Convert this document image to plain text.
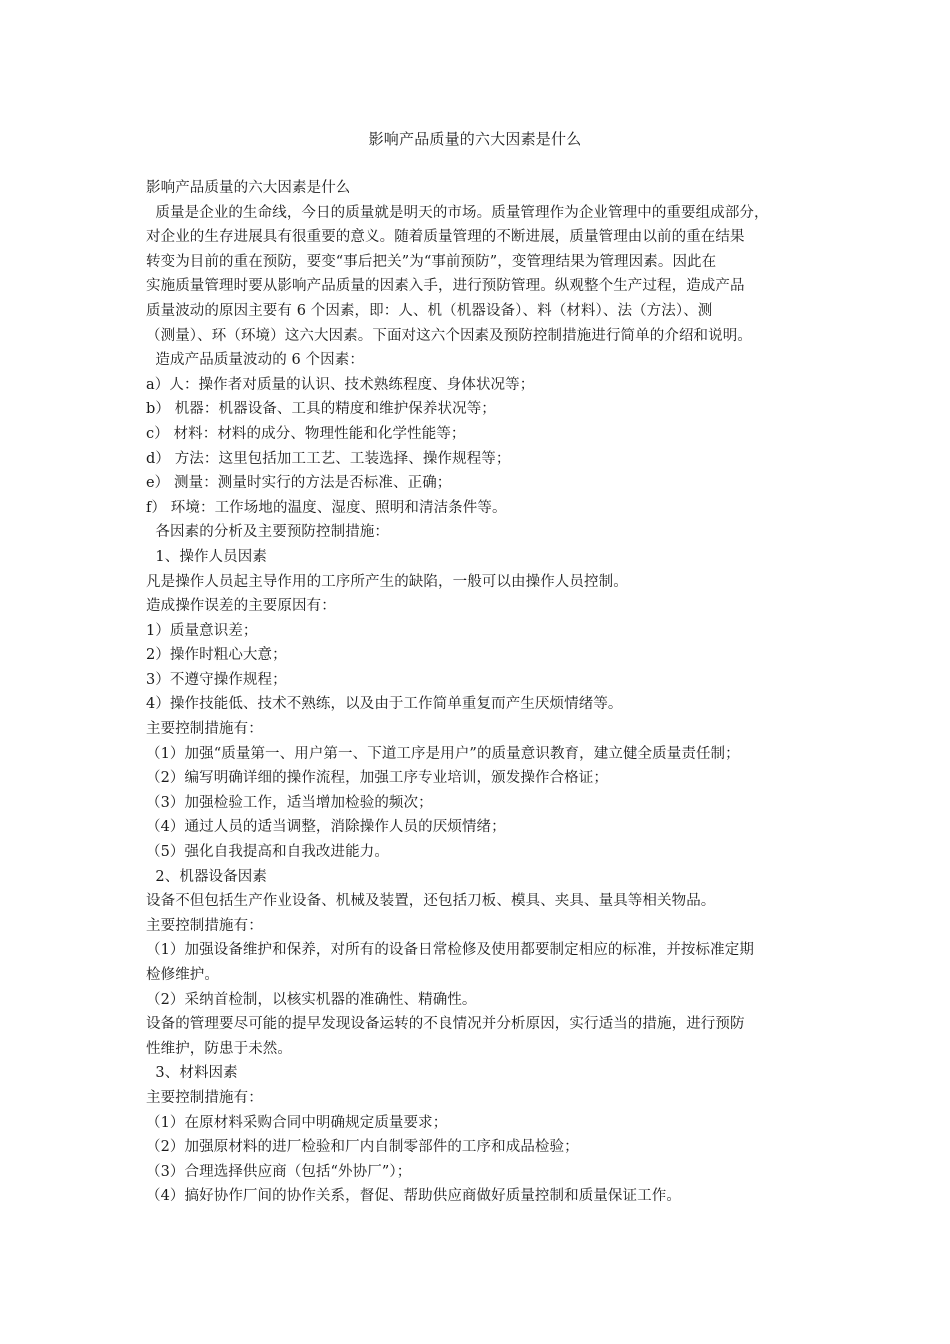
影响产品质量的六大因素是什么
影响产品质量的六大因素是什么
质量是企业的生命线，今日的质量就是明天的市场。质量管理作为企业管理中的重要组成部分，
对企业的生存进展具有很重要的意义。随着质量管理的不断进展，质量管理由以前的重在结果
转变为目前的重在预防，要变“事后把关”为“事前预防”，变管理结果为管理因素。因此在
实施质量管理时要从影响产品质量的因素入手，进行预防管理。纵观整个生产过程，造成产品
质量波动的原因主要有 6 个因素，即：人、机（机器设备）、料（材料）、法（方法）、测
（测量）、环（环境）这六大因素。下面对这六个因素及预防控制措施进行简单的介绍和说明。
造成产品质量波动的 6 个因素：
a）人：操作者对质量的认识、技术熟练程度、身体状况等；
b） 机器：机器设备、工具的精度和维护保养状况等；
c） 材料：材料的成分、物理性能和化学性能等；
d） 方法：这里包括加工工艺、工装选择、操作规程等；
e） 测量：测量时实行的方法是否标准、正确；
f） 环境：工作场地的温度、湿度、照明和清洁条件等。
各因素的分析及主要预防控制措施：
1、操作人员因素
凡是操作人员起主导作用的工序所产生的缺陷，一般可以由操作人员控制。
造成操作误差的主要原因有：
1）质量意识差；
2）操作时粗心大意；
3）不遵守操作规程；
4）操作技能低、技术不熟练，以及由于工作简单重复而产生厌烦情绪等。
主要控制措施有：
（1）加强“质量第一、用户第一、下道工序是用户”的质量意识教育，建立健全质量责任制；
（2）编写明确详细的操作流程，加强工序专业培训，颁发操作合格证；
（3）加强检验工作，适当增加检验的频次；
（4）通过人员的适当调整，消除操作人员的厌烦情绪；
（5）强化自我提高和自我改进能力。
2、机器设备因素
设备不但包括生产作业设备、机械及装置，还包括刀板、模具、夹具、量具等相关物品。
主要控制措施有：
（1）加强设备维护和保养，对所有的设备日常检修及使用都要制定相应的标准，并按标准定期
检修维护。
（2）采纳首检制，以核实机器的准确性、精确性。
设备的管理要尽可能的提早发现设备运转的不良情况并分析原因，实行适当的措施，进行预防
性维护，防患于未然。
3、材料因素
主要控制措施有：
（1）在原材料采购合同中明确规定质量要求；
（2）加强原材料的进厂检验和厂内自制零部件的工序和成品检验；
（3）合理选择供应商（包括“外协厂”）；
（4）搞好协作厂间的协作关系，督促、帮助供应商做好质量控制和质量保证工作。
